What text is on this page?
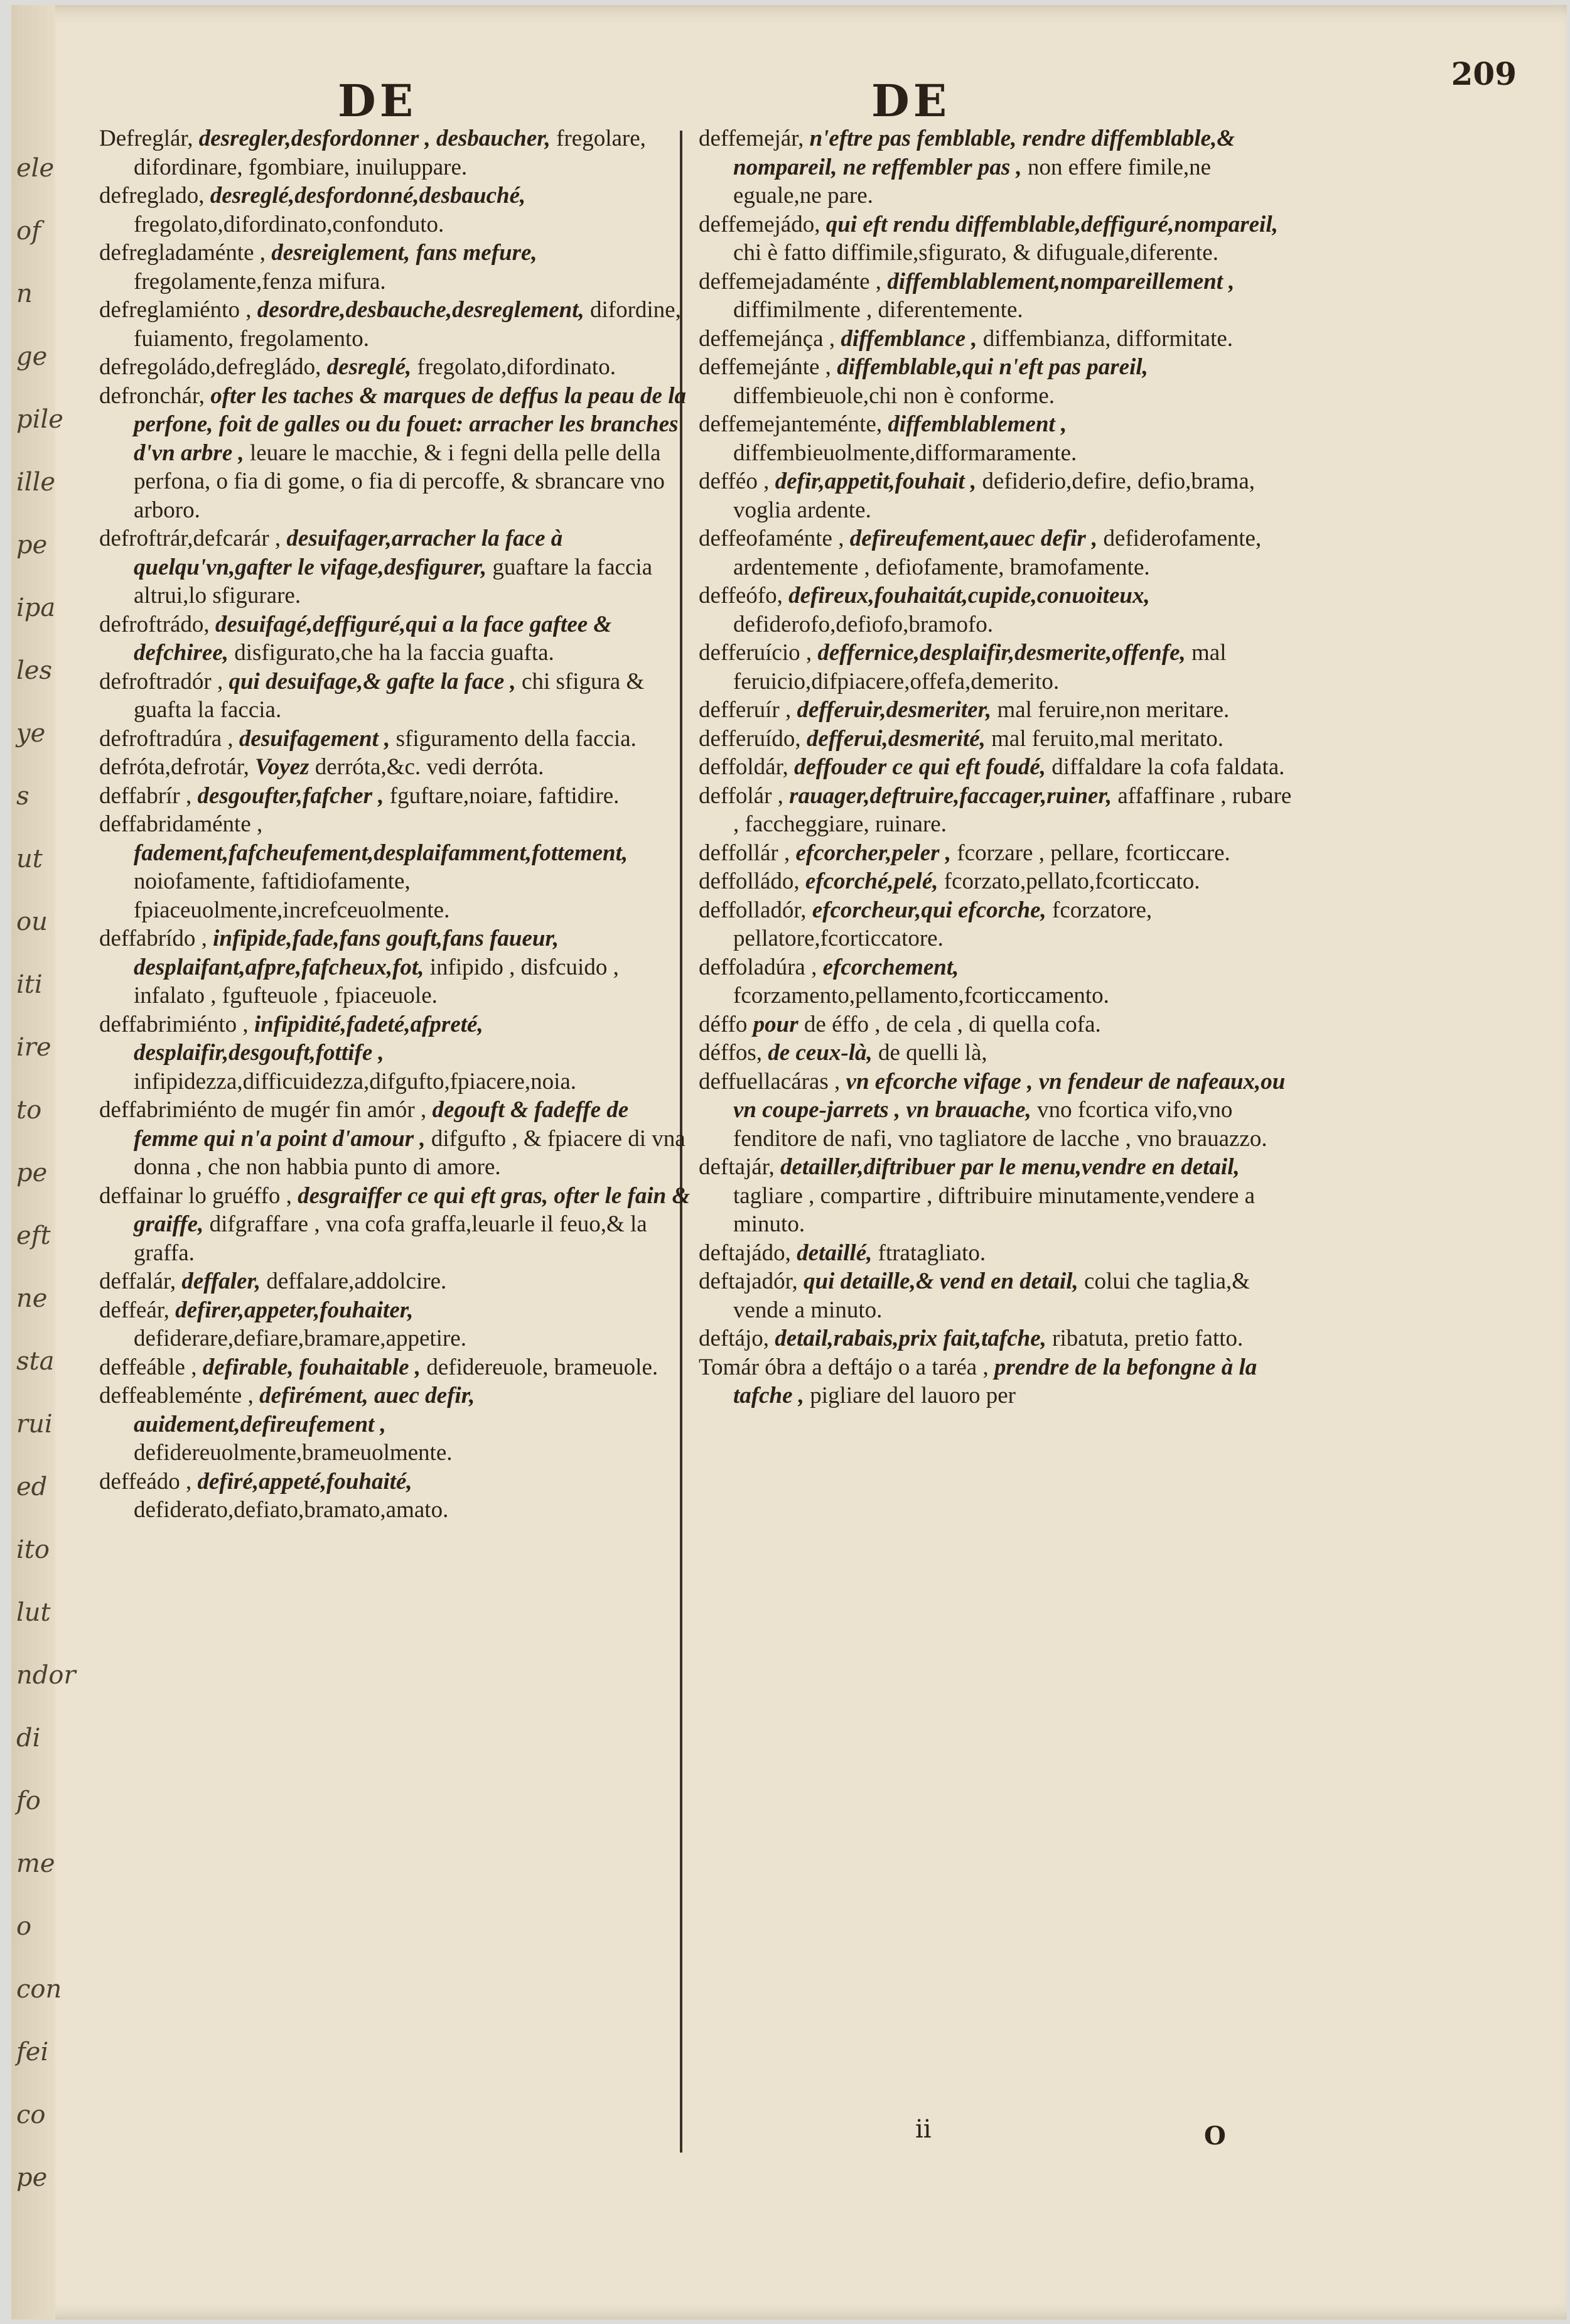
ele
of
n
ge
pile
ille
pe
ipa
les
ye
s
ut
ou
iti
ire
to
pe
eft
ne
sta
rui
ed
ito
lut
ndor
di
fo
me
o
con
fei
co
pe
DE	DE
209

Defreglár, desregler,desfordonner , desbaucher, fregolare, difordinare, fgombiare, inuiluppare.

defreglado, desreglé,desfordonné,desbauché, fregolato,difordinato,confonduto.

defregladaménte , desreiglement, fans mefure, fregolamente,fenza mifura.

defreglamiénto , desordre,desbauche,desreglement, difordine, fuiamento, fregolamento.

defregoládo,defregládo, desreglé, fregolato,difordinato.

defronchár, ofter les taches & marques de deffus la peau de la perfone, foit de galles ou du fouet: arracher les branches d'vn arbre , leuare le macchie, & i fegni della pelle della perfona, o fia di gome, o fia di percoffe, & sbrancare vno arboro.

defroftrár,defcarár , desuifager,arracher la face à quelqu'vn,gafter le vifage,desfigurer, guaftare la faccia altrui,lo sfigurare.

defroftrádo, desuifagé,deffiguré,qui a la face gaftee & defchiree, disfigurato,che ha la faccia guafta.

defroftradór , qui desuifage,& gafte la face , chi sfigura & guafta la faccia.

defroftradúra , desuifagement , sfiguramento della faccia.

defróta,defrotár, Voyez derróta,&c. vedi derróta.

deffabrír , desgoufter,fafcher , fguftare,noiare, faftidire.

deffabridaménte , fadement,fafcheufement,desplaifamment,fottement, noiofamente, faftidiofamente, fpiaceuolmente,increfceuolmente.

deffabrído , infipide,fade,fans gouft,fans faueur, desplaifant,afpre,fafcheux,fot, infipido , disfcuido , infalato , fgufteuole , fpiaceuole.

deffabrimiénto , infipidité,fadeté,afpreté, desplaifir,desgouft,fottife , infipidezza,difficuidezza,difgufto,fpiacere,noia.

deffabrimiénto de mugér fin amór , degouft & fadeffe de femme qui n'a point d'amour , difgufto , & fpiacere di vna donna , che non habbia punto di amore.

deffainar lo gruéffo , desgraiffer ce qui eft gras, ofter le fain & graiffe, difgraffare , vna cofa graffa,leuarle il feuo,& la graffa.

deffalár, deffaler, deffalare,addolcire.

deffeár, defirer,appeter,fouhaiter, defiderare,defiare,bramare,appetire.

deffeáble , defirable, fouhaitable , defidereuole, brameuole.

deffeableménte , defirément, auec defir, auidement,defireufement , defidereuolmente,brameuolmente.

deffeádo , defiré,appeté,fouhaité, defiderato,defiato,bramato,amato.

deffemejár, n'eftre pas femblable, rendre diffemblable,& nompareil, ne reffembler pas , non effere fimile,ne eguale,ne pare.

deffemejádo, qui eft rendu diffemblable,deffiguré,nompareil, chi è fatto diffimile,sfigurato, & difuguale,diferente.

deffemejadaménte , diffemblablement,nompareillement , diffimilmente , diferentemente.

deffemejánça , diffemblance , diffembianza, difformitate.

deffemejánte , diffemblable,qui n'eft pas pareil, diffembieuole,chi non è conforme.

deffemejanteménte, diffemblablement , diffembieuolmente,difformaramente.

defféo , defir,appetit,fouhait , defiderio,defire, defio,brama, voglia ardente.

deffeofaménte , defireufement,auec defir , defiderofamente, ardentemente , defiofamente, bramofamente.

deffeófo, defireux,fouhaitát,cupide,conuoiteux, defiderofo,defiofo,bramofo.

defferuício , deffernice,desplaifir,desmerite,offenfe, mal feruicio,difpiacere,offefa,demerito.

defferuír , defferuir,desmeriter, mal feruire,non meritare.

defferuído, defferui,desmerité, mal feruito,mal meritato.

deffoldár, deffouder ce qui eft foudé, diffaldare la cofa faldata.

deffolár , rauager,deftruire,faccager,ruiner, affaffinare , rubare , faccheggiare, ruinare.

deffollár , efcorcher,peler , fcorzare , pellare, fcorticcare.

deffolládo, efcorché,pelé, fcorzato,pellato,fcorticcato.

deffolladór, efcorcheur,qui efcorche, fcorzatore, pellatore,fcorticcatore.

deffoladúra , efcorchement, fcorzamento,pellamento,fcorticcamento.

déffo pour de éffo , de cela , di quella cofa.

déffos, de ceux-là, de quelli là,

deffuellacáras , vn efcorche vifage , vn fendeur de nafeaux,ou vn coupe-jarrets , vn brauache, vno fcortica vifo,vno fenditore de nafi, vno tagliatore de lacche , vno brauazzo.

deftajár, detailler,diftribuer par le menu,vendre en detail, tagliare , compartire , diftribuire minutamente,vendere a minuto.

deftajádo, detaillé, ftratagliato.

deftajadór, qui detaille,& vend en detail, colui che taglia,& vende a minuto.

deftájo, detail,rabais,prix fait,tafche, ribatuta, pretio fatto.

Tomár óbra a deftájo o a taréa , prendre de la befongne à la tafche , pigliare del lauoro per

ii	O
